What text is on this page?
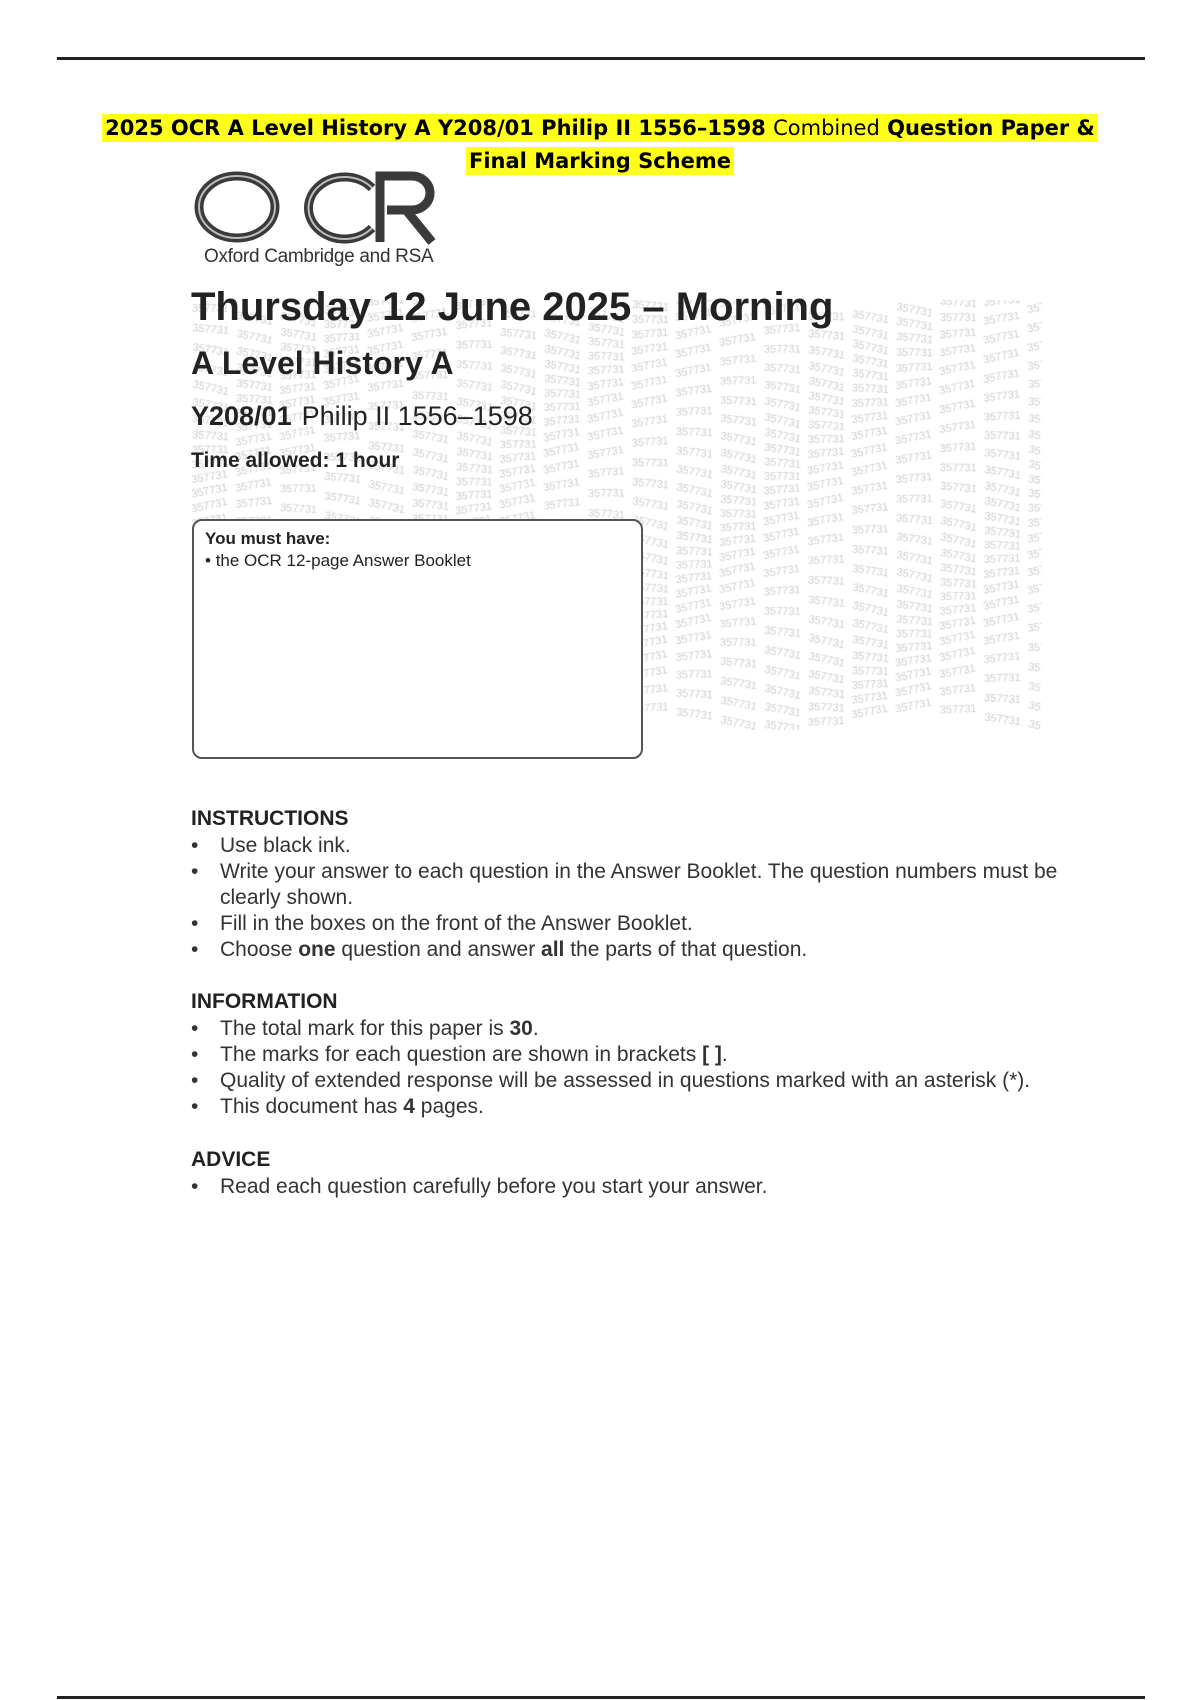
2025 OCR A Level History A Y208/01 Philip II 1556–1598 Combined Question Paper &
Final Marking Scheme
Oxford Cambridge and RSA
Thursday 12 June 2025 – Morning
A Level History A
Y208/01 Philip II 1556–1598
Time allowed: 1 hour
You must have:
• the OCR 12-page Answer Booklet
INSTRUCTIONS
• Use black ink.
• Write your answer to each question in the Answer Booklet. The question numbers must be clearly shown.
• Fill in the boxes on the front of the Answer Booklet.
• Choose one question and answer all the parts of that question.
INFORMATION
• The total mark for this paper is 30.
• The marks for each question are shown in brackets [ ].
• Quality of extended response will be assessed in questions marked with an asterisk (*).
• This document has 4 pages.
ADVICE
• Read each question carefully before you start your answer.
